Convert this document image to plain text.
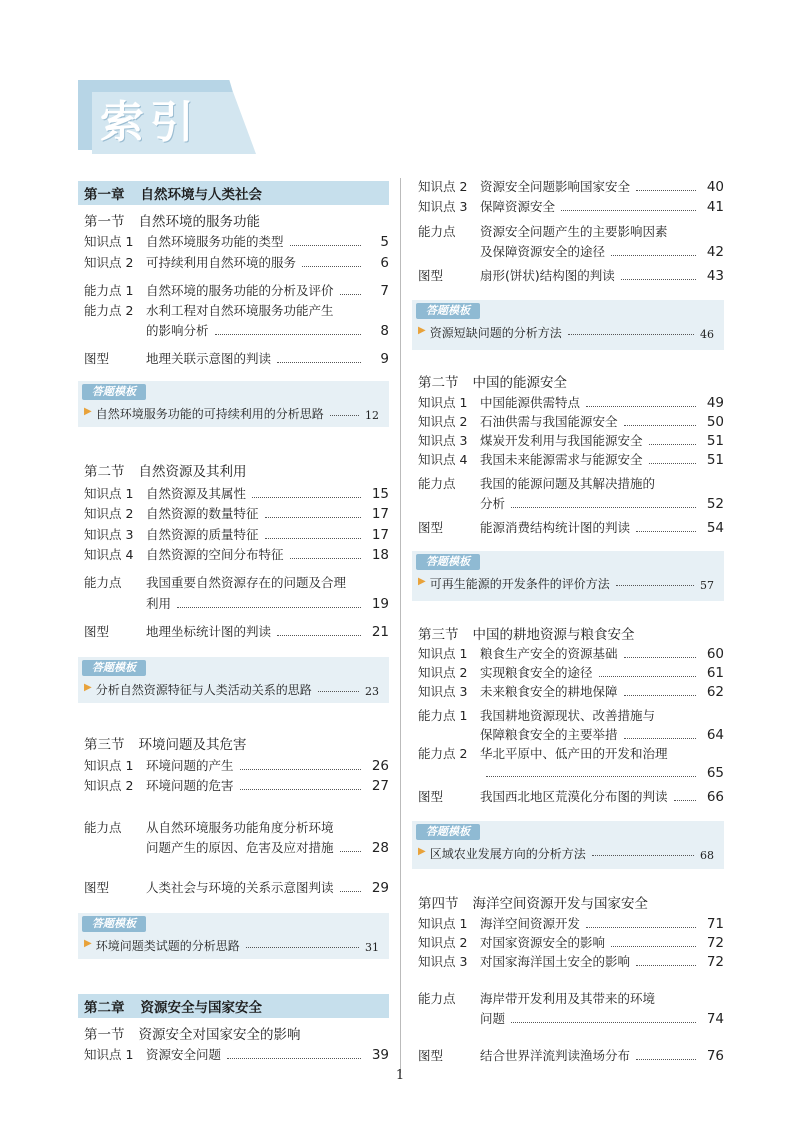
索引
第一章 自然环境与人类社会
第一节 自然环境的服务功能
知识点 1	自然环境服务功能的类型	5
知识点 2	可持续利用自然环境的服务	6
能力点 1	自然环境的服务功能的分析及评价	7
能力点 2	水利工程对自然环境服务功能产生
的影响分析	8
图型	地理关联示意图的判读	9
答题模板
▶ 自然环境服务功能的可持续利用的分析思路	12
第二节 自然资源及其利用
知识点 1	自然资源及其属性	15
知识点 2	自然资源的数量特征	17
知识点 3	自然资源的质量特征	17
知识点 4	自然资源的空间分布特征	18
能力点	我国重要自然资源存在的问题及合理
利用	19
图型	地理坐标统计图的判读	21
答题模板
▶ 分析自然资源特征与人类活动关系的思路	23
第三节 环境问题及其危害
知识点 1	环境问题的产生	26
知识点 2	环境问题的危害	27
能力点	从自然环境服务功能角度分析环境
问题产生的原因、危害及应对措施	28
图型	人类社会与环境的关系示意图判读	29
答题模板
▶ 环境问题类试题的分析思路	31
第二章 资源安全与国家安全
第一节 资源安全对国家安全的影响
知识点 1	资源安全问题	39
知识点 2	资源安全问题影响国家安全	40
知识点 3	保障资源安全	41
能力点	资源安全问题产生的主要影响因素
及保障资源安全的途径	42
图型	扇形(饼状)结构图的判读	43
答题模板
▶ 资源短缺问题的分析方法	46
第二节 中国的能源安全
知识点 1	中国能源供需特点	49
知识点 2	石油供需与我国能源安全	50
知识点 3	煤炭开发利用与我国能源安全	51
知识点 4	我国未来能源需求与能源安全	51
能力点	我国的能源问题及其解决措施的
分析	52
图型	能源消费结构统计图的判读	54
答题模板
▶ 可再生能源的开发条件的评价方法	57
第三节 中国的耕地资源与粮食安全
知识点 1	粮食生产安全的资源基础	60
知识点 2	实现粮食安全的途径	61
知识点 3	未来粮食安全的耕地保障	62
能力点 1	我国耕地资源现状、改善措施与
保障粮食安全的主要举措	64
能力点 2	华北平原中、低产田的开发和治理
65
图型	我国西北地区荒漠化分布图的判读	66
答题模板
▶ 区域农业发展方向的分析方法	68
第四节 海洋空间资源开发与国家安全
知识点 1	海洋空间资源开发	71
知识点 2	对国家资源安全的影响	72
知识点 3	对国家海洋国土安全的影响	72
能力点	海岸带开发利用及其带来的环境
问题	74
图型	结合世界洋流判读渔场分布	76
1
